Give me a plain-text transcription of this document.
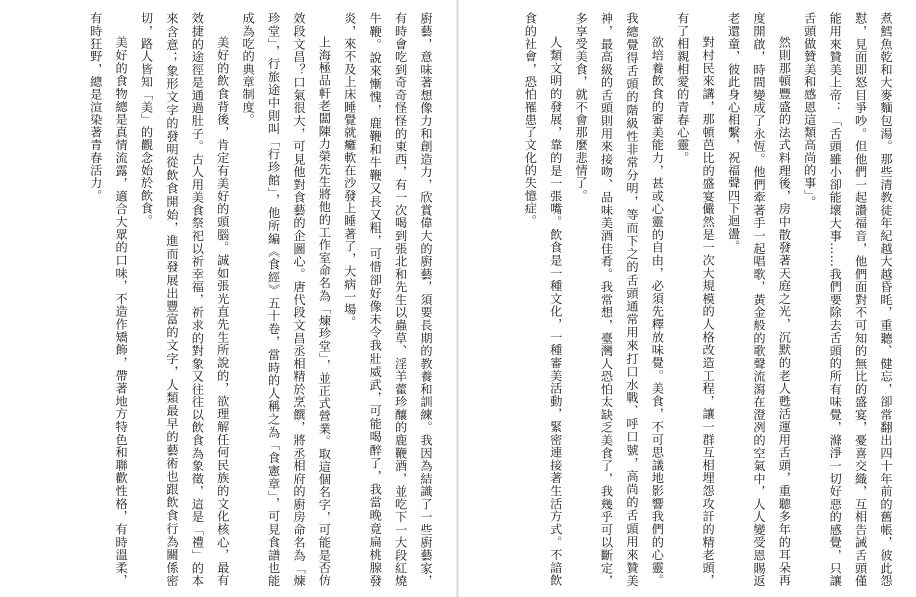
廚藝，意味著想像力和創造力，欣賞偉大的廚藝，須要長期的教養和訓練。我因為結識了一些廚藝家，有時會吃到奇奇怪怪的東西，有一次喝到張北和先生以蟲草、淫羊藿珍釀的鹿鞭酒，並吃下一大段紅燒牛鞭。說來慚愧，鹿鞭和牛鞭又長又粗，可惜卻好像未令我壯威武，可能喝醉了，我當晚竟扁桃腺發炎，來不及上床睡覺就癱軟在沙發上睡著了，大病一場。
上海極品軒老闆陳力榮先生將他的工作室命名為「煉珍堂」，並正式營業。取這個名字，可能是否仿效段文昌？口氣很大，可見他對食藝的企圖心。唐代段文昌丞相精於烹饌，將丞相府的廚房命名為「煉珍堂」，行旅途中則叫「行珍館」，他所編《食經》五十卷，當時的人稱之為「食憲章」，可見食譜也能成為吃的典章制度。
美好的飲食背後，肯定有美好的頭腦。誠如張光直先生所說的，欲理解任何民族的文化核心，最有效捷的途徑是通過肚子。古人用美食祭祀以祈幸福，祈求的對象又往往以飲食為象徵，這是「禮」的本來含意；象形文字的發明從飲食開始，進而發展出豐富的文字，人類最早的藝術也跟飲食行為關係密切，路人皆知「美」的觀念始於飲食。
美好的食物總是真情流露，適合大眾的口味，不造作矯飾，帶著地方特色和聯歡性格，有時溫柔，有時狂野，總是渲染著青春活力。	煮鱈魚乾和大麥麵包湯。那些清教徒年紀越大越昏眊，重聽、健忘，卻常翻出四十年前的舊帳，彼此怨懟，見面即怒目爭吵。但他們一起讚福音，他們面對不可知的無比的盛宴，憂喜交織，互相告誡舌頭僅能用來贊美上帝：「舌頭雖小卻能壞大事……我們要除去舌頭的所有味覺，滌淨一切好惡的感覺，只讓舌頭做贊美和感恩這類高尚的事」。
然則那頓豐盛的法式料理後，房中散發著天庭之光，沉默的老人甦活運用舌頭，重聽多年的耳朵再度開啟，時間變成了永恆。他們牽著手一起唱歌，黃金般的歌聲流瀉在澄冽的空氣中，人人變受恩賜返老還童，彼此身心相繫，祝福聲四下迴盪。
對村民來講，那頓芭比的盛宴儼然是一次大規模的人格改造工程，讓一群互相埋怨攻訐的精老頭，有了相親相愛的青春心靈。
欲培養飲食的審美能力，甚或心靈的自由，必須先釋放味覺。美食，不可思議地影響我們的心靈。我總覺得舌頭的階級性非常分明，等而下之的舌頭通常用來打口水戰、呼口號，高尚的舌頭用來贊美神，最高級的舌頭則用來接吻、品味美酒佳肴。我常想，臺灣人恐怕太缺乏美食了，我幾乎可以斷定，多享受美食，就不會那麼悲情了。
人類文明的發展，靠的是一張嘴。飲食是一種文化，一種審美活動，緊密連接著生活方式。不諳飲食的社會，恐怕罹患了文化的失憶症。
